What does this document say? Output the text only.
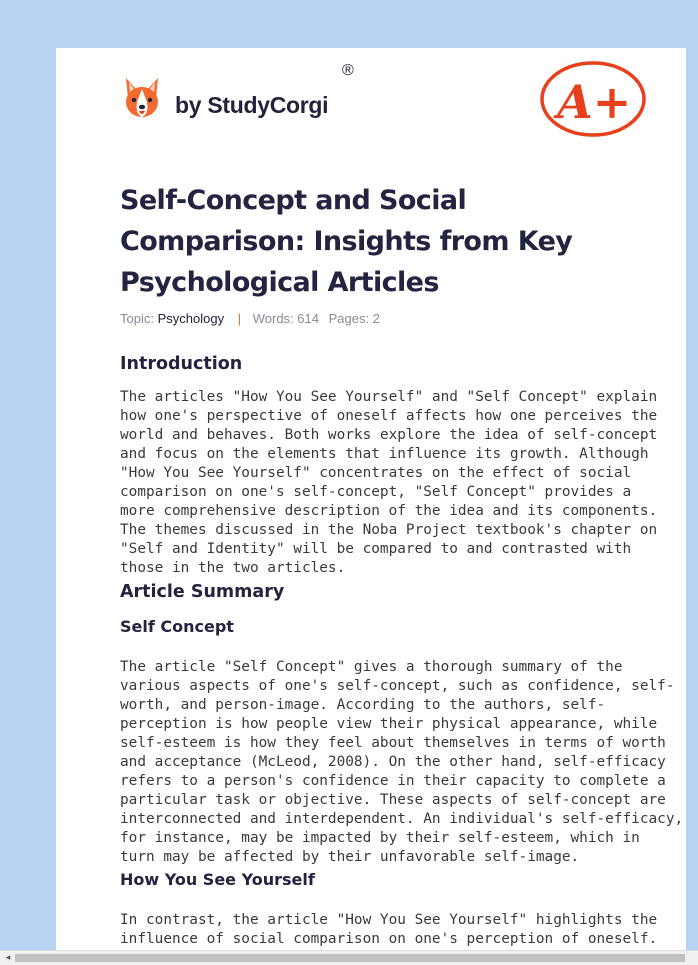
by StudyCorgi
®
A+
Self-Concept and Social
Comparison: Insights from Key
Psychological Articles
Topic: Psychology | Words: 614 Pages: 2
Introduction

The articles "How You See Yourself" and "Self Concept" explain
how one's perspective of oneself affects how one perceives the
world and behaves. Both works explore the idea of self-concept
and focus on the elements that influence its growth. Although
"How You See Yourself" concentrates on the effect of social
comparison on one's self-concept, "Self Concept" provides a
more comprehensive description of the idea and its components.
The themes discussed in the Noba Project textbook's chapter on
"Self and Identity" will be compared to and contrasted with
those in the two articles.

Article Summary
Self Concept

The article "Self Concept" gives a thorough summary of the
various aspects of one's self-concept, such as confidence, self-
worth, and person-image. According to the authors, self-
perception is how people view their physical appearance, while
self-esteem is how they feel about themselves in terms of worth
and acceptance (McLeod, 2008). On the other hand, self-efficacy
refers to a person's confidence in their capacity to complete a
particular task or objective. These aspects of self-concept are
interconnected and interdependent. An individual's self-efficacy,
for instance, may be impacted by their self-esteem, which in
turn may be affected by their unfavorable self-image.

How You See Yourself

In contrast, the article "How You See Yourself" highlights the
influence of social comparison on one's perception of oneself.

◂
